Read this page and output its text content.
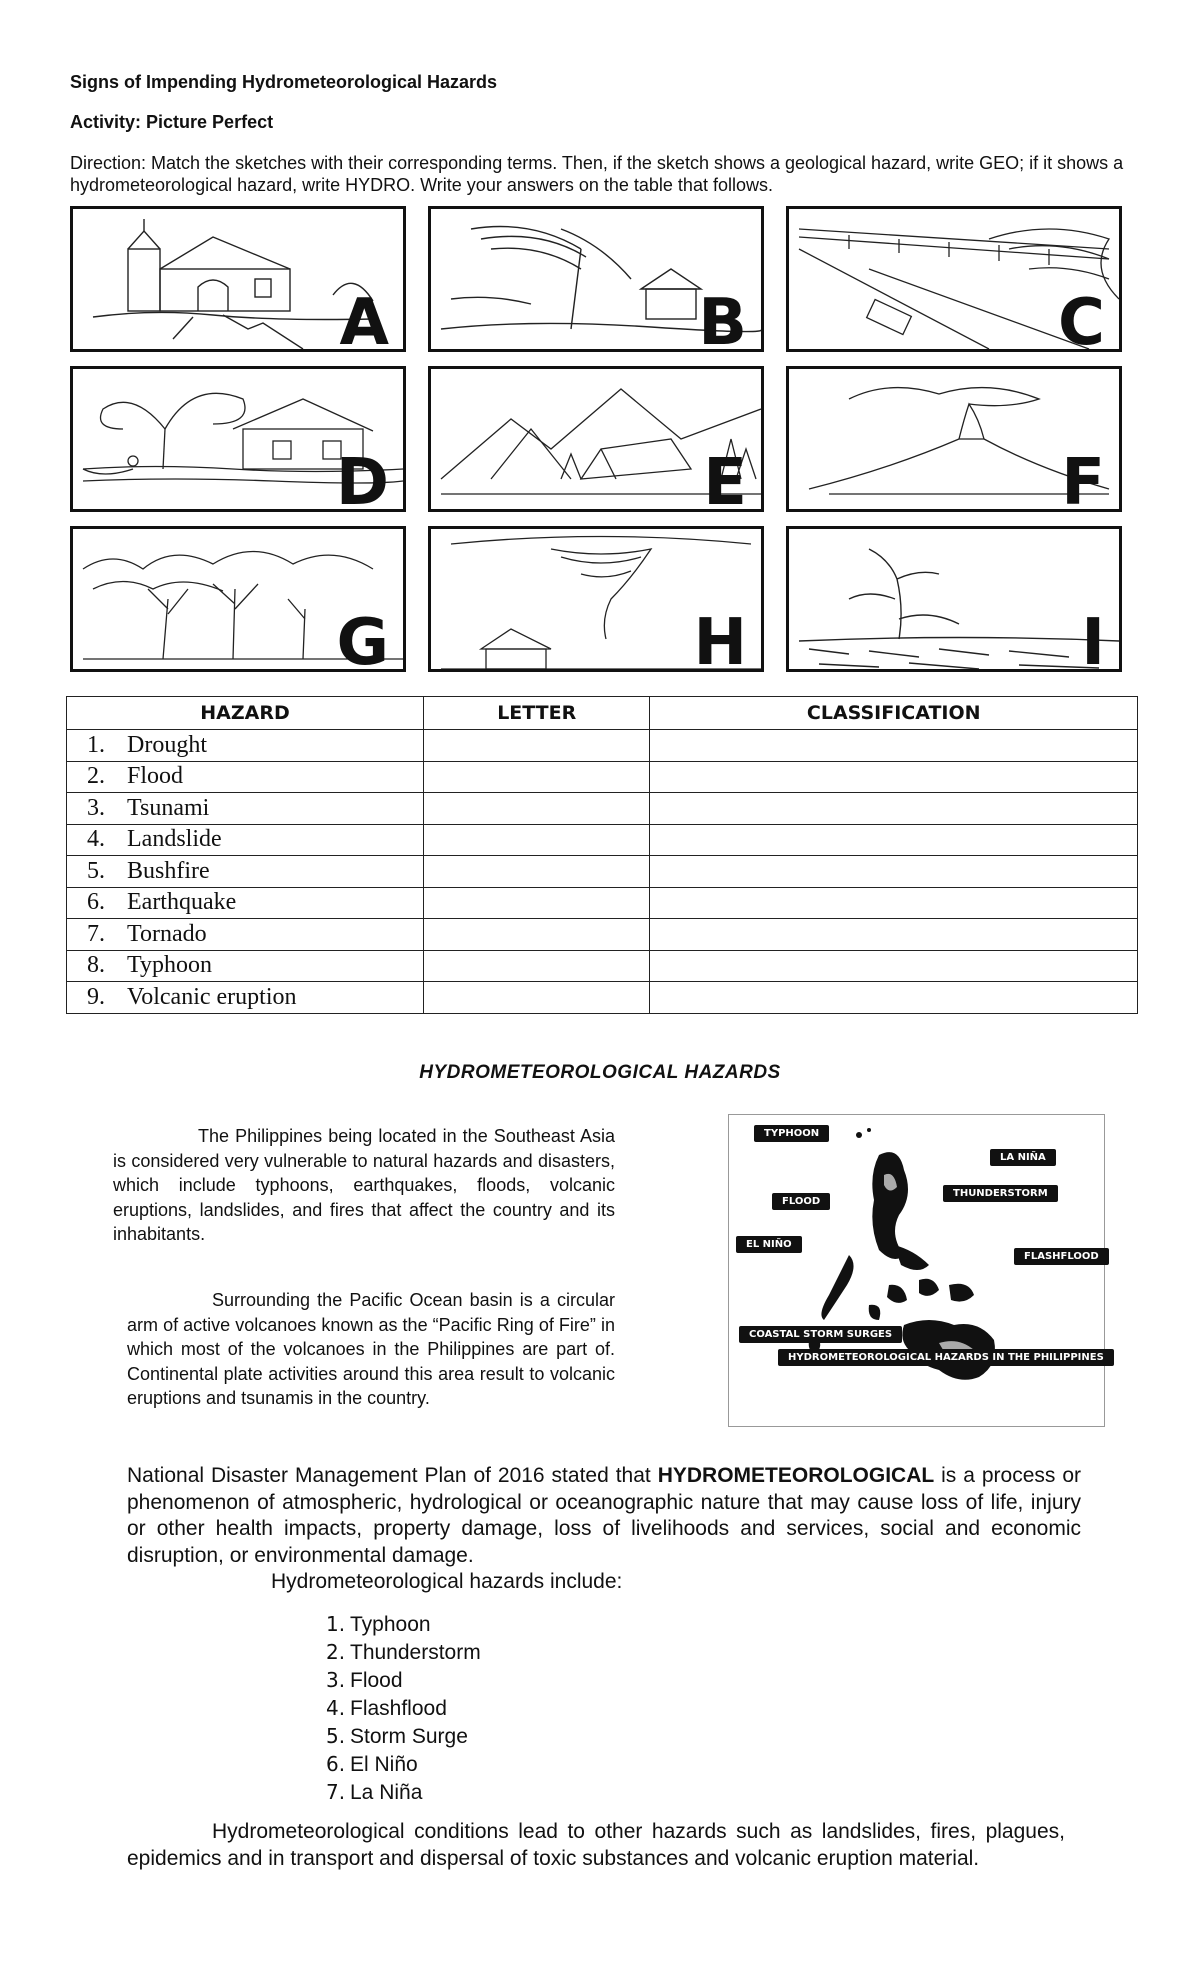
Signs of Impending Hydrometeorological Hazards
Activity: Picture Perfect
Direction: Match the sketches with their corresponding terms. Then, if the sketch shows a geological hazard, write GEO; if it shows a hydrometeorological hazard, write HYDRO. Write your answers on the table that follows.
A	B	C
D	E	F
G	H	I
HAZARD	LETTER	CLASSIFICATION
1. Drought		
2. Flood		
3. Tsunami		
4. Landslide		
5. Bushfire		
6. Earthquake		
7. Tornado		
8. Typhoon		
9. Volcanic eruption		
HYDROMETEOROLOGICAL HAZARDS
The Philippines being located in the Southeast Asia is considered very vulnerable to natural hazards and disasters, which include typhoons, earthquakes, floods, volcanic eruptions, landslides, and fires that affect the country and its inhabitants.
Surrounding the Pacific Ocean basin is a circular arm of active volcanoes known as the “Pacific Ring of Fire” in which most of the volcanoes in the Philippines are part of. Continental plate activities around this area result to volcanic eruptions and tsunamis in the country.
TYPHOON
LA NIÑA
THUNDERSTORM
FLOOD
EL NIÑO
FLASHFLOOD
COASTAL STORM SURGES
HYDROMETEOROLOGICAL HAZARDS IN THE PHILIPPINES
National Disaster Management Plan of 2016 stated that HYDROMETEOROLOGICAL is a process or phenomenon of atmospheric, hydrological or oceanographic nature that may cause loss of life, injury or other health impacts, property damage, loss of livelihoods and services, social and economic disruption, or environmental damage.
Hydrometeorological hazards include:
1. Typhoon
2. Thunderstorm
3. Flood
4. Flashflood
5. Storm Surge
6. El Niño
7. La Niña
Hydrometeorological conditions lead to other hazards such as landslides, fires, plagues, epidemics and in transport and dispersal of toxic substances and volcanic eruption material.
